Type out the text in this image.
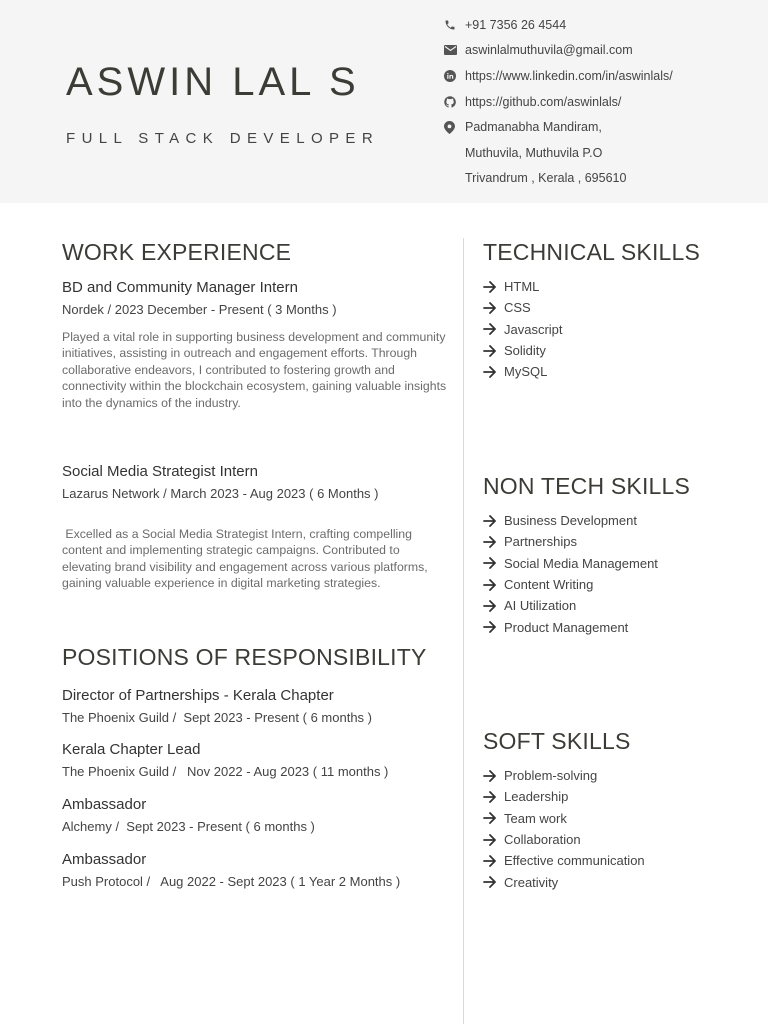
ASWIN LAL S
FULL STACK DEVELOPER
+91 7356 26 4544
aswinlalmuthuvila@gmail.com
https://www.linkedin.com/in/aswinlals/
https://github.com/aswinlals/
Padmanabha Mandiram,
Muthuvila, Muthuvila P.O
Trivandrum , Kerala , 695610
WORK EXPERIENCE
BD and Community Manager Intern
Nordek / 2023 December - Present ( 3 Months )
Played a vital role in supporting business development and community initiatives, assisting in outreach and engagement efforts. Through collaborative endeavors, I contributed to fostering growth and connectivity within the blockchain ecosystem, gaining valuable insights into the dynamics of the industry.
Social Media Strategist Intern
Lazarus Network / March 2023 - Aug 2023 ( 6 Months )
Excelled as a Social Media Strategist Intern, crafting compelling content and implementing strategic campaigns. Contributed to elevating brand visibility and engagement across various platforms, gaining valuable experience in digital marketing strategies.
POSITIONS OF RESPONSIBILITY
Director of Partnerships - Kerala Chapter
The Phoenix Guild /  Sept 2023 - Present ( 6 months )
Kerala Chapter Lead
The Phoenix Guild /   Nov 2022 - Aug 2023 ( 11 months )
Ambassador
Alchemy /  Sept 2023 - Present ( 6 months )
Ambassador
Push Protocol /   Aug 2022 - Sept 2023 ( 1 Year 2 Months )
TECHNICAL SKILLS
HTML
CSS
Javascript
Solidity
MySQL
NON TECH SKILLS
Business Development
Partnerships
Social Media Management
Content Writing
AI Utilization
Product Management
SOFT SKILLS
Problem-solving
Leadership
Team work
Collaboration
Effective communication
Creativity
